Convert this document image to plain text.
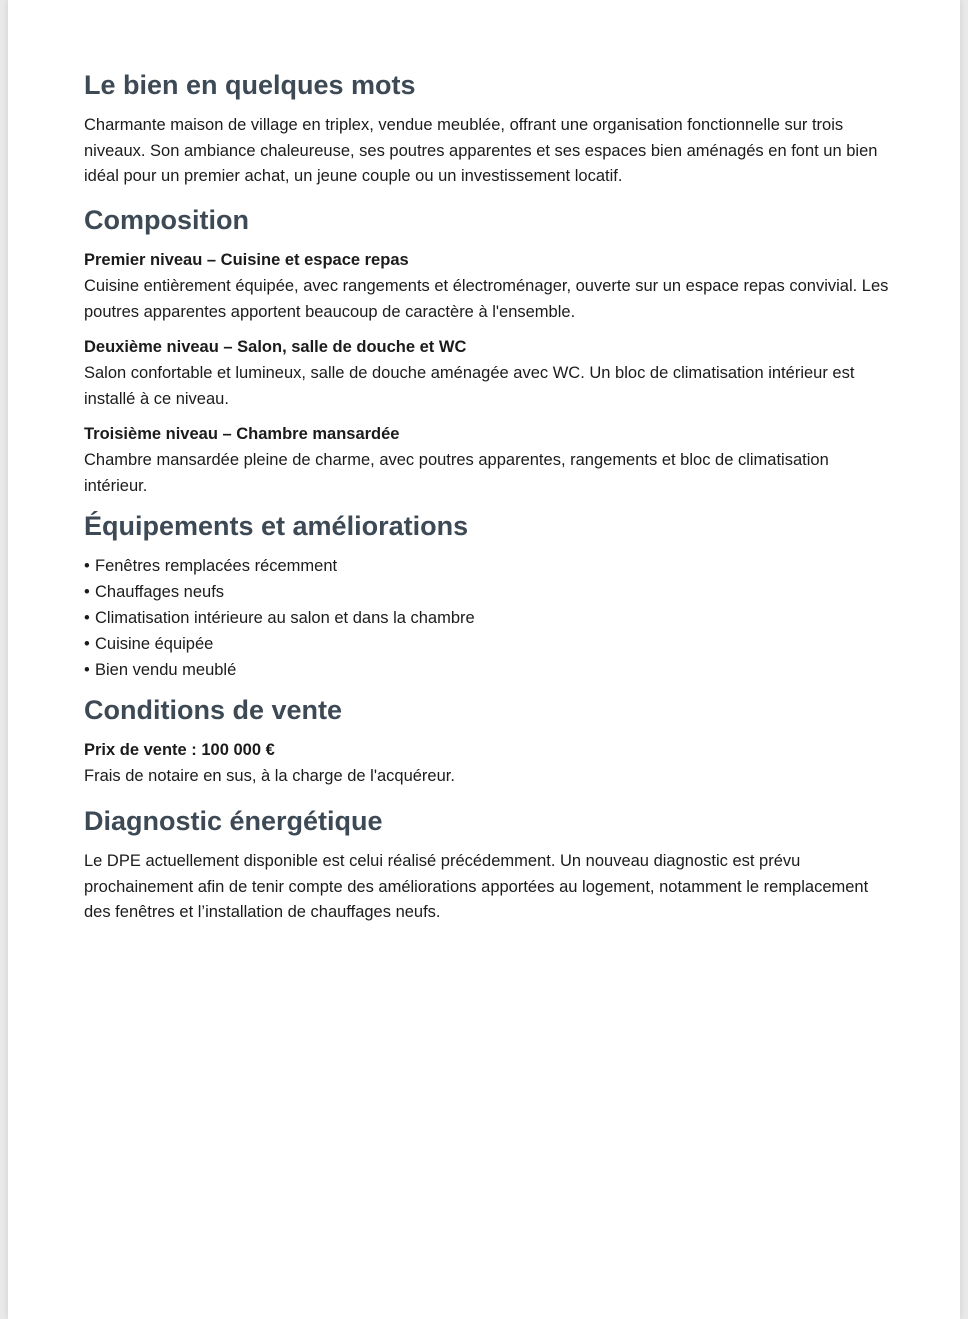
Le bien en quelques mots

Charmante maison de village en triplex, vendue meublée, offrant une organisation fonctionnelle sur trois niveaux. Son ambiance chaleureuse, ses poutres apparentes et ses espaces bien aménagés en font un bien idéal pour un premier achat, un jeune couple ou un investissement locatif.

Composition
Premier niveau – Cuisine et espace repas

Cuisine entièrement équipée, avec rangements et électroménager, ouverte sur un espace repas convivial. Les poutres apparentes apportent beaucoup de caractère à l'ensemble.

Deuxième niveau – Salon, salle de douche et WC

Salon confortable et lumineux, salle de douche aménagée avec WC. Un bloc de climatisation intérieur est installé à ce niveau.

Troisième niveau – Chambre mansardée

Chambre mansardée pleine de charme, avec poutres apparentes, rangements et bloc de climatisation intérieur.

Équipements et améliorations
• Fenêtres remplacées récemment
• Chauffages neufs
• Climatisation intérieure au salon et dans la chambre
• Cuisine équipée
• Bien vendu meublé
Conditions de vente
Prix de vente : 100 000 €

Frais de notaire en sus, à la charge de l'acquéreur.

Diagnostic énergétique

Le DPE actuellement disponible est celui réalisé précédemment. Un nouveau diagnostic est prévu prochainement afin de tenir compte des améliorations apportées au logement, notamment le remplacement des fenêtres et l’installation de chauffages neufs.
